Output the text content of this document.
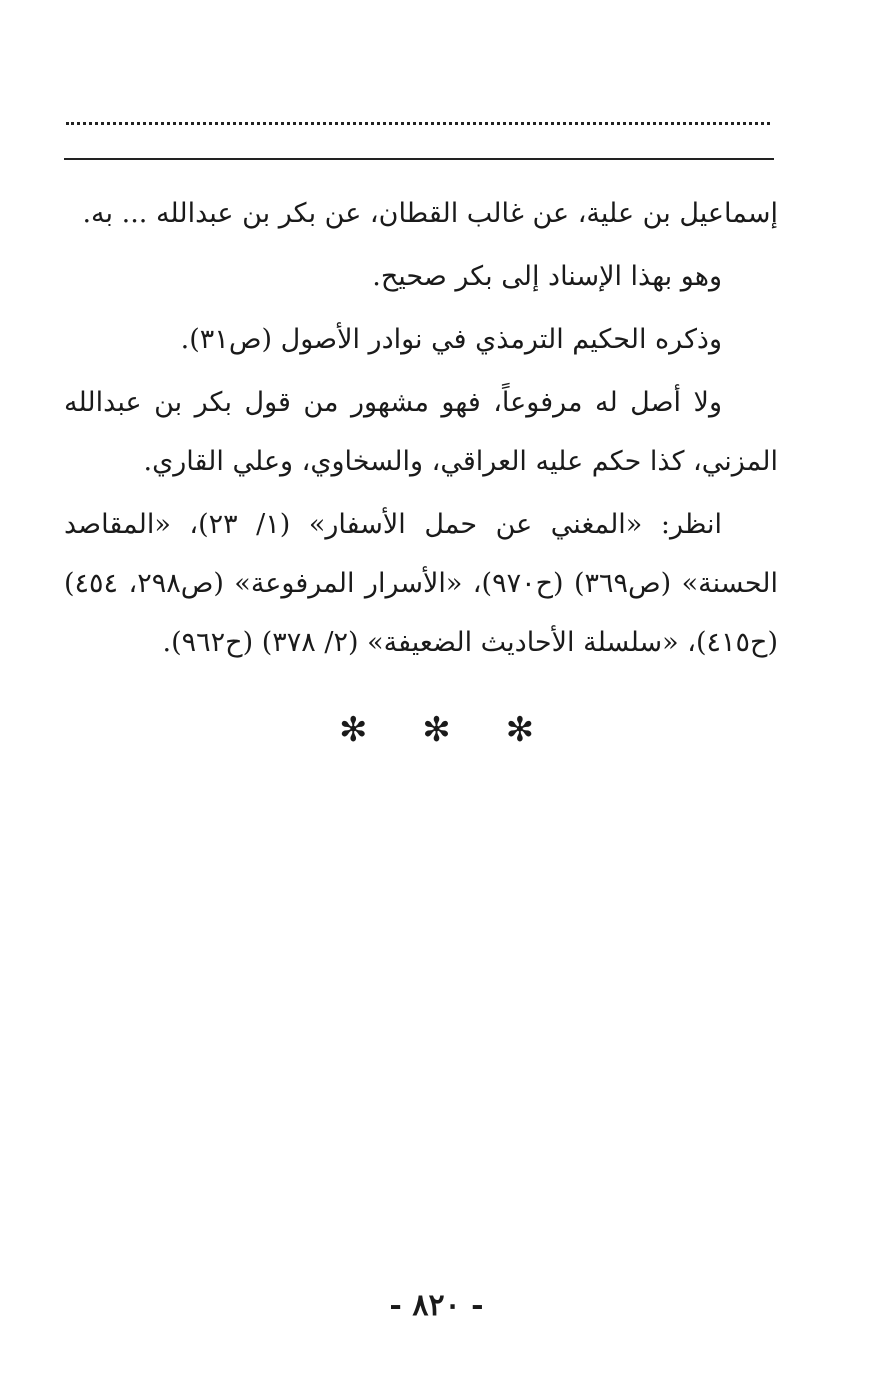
إسماعيل بن علية، عن غالب القطان، عن بكر بن عبدالله ... به.

وهو بهذا الإسناد إلى بكر صحيح.

وذكره الحكيم الترمذي في نوادر الأصول (ص٣١).

ولا أصل له مرفوعاً، فهو مشهور من قول بكر بن عبدالله المزني، كذا حكم عليه العراقي، والسخاوي، وعلي القاري.

انظر: «المغني عن حمل الأسفار» (١/ ٢٣)، «المقاصد الحسنة» (ص٣٦٩) (ح٩٧٠)، «الأسرار المرفوعة» (ص٢٩٨، ٤٥٤) (ح٤١٥)، «سلسلة الأحاديث الضعيفة» (٢/ ٣٧٨) (ح٩٦٢).

✻ ✻ ✻
- ٨٢٠ -
